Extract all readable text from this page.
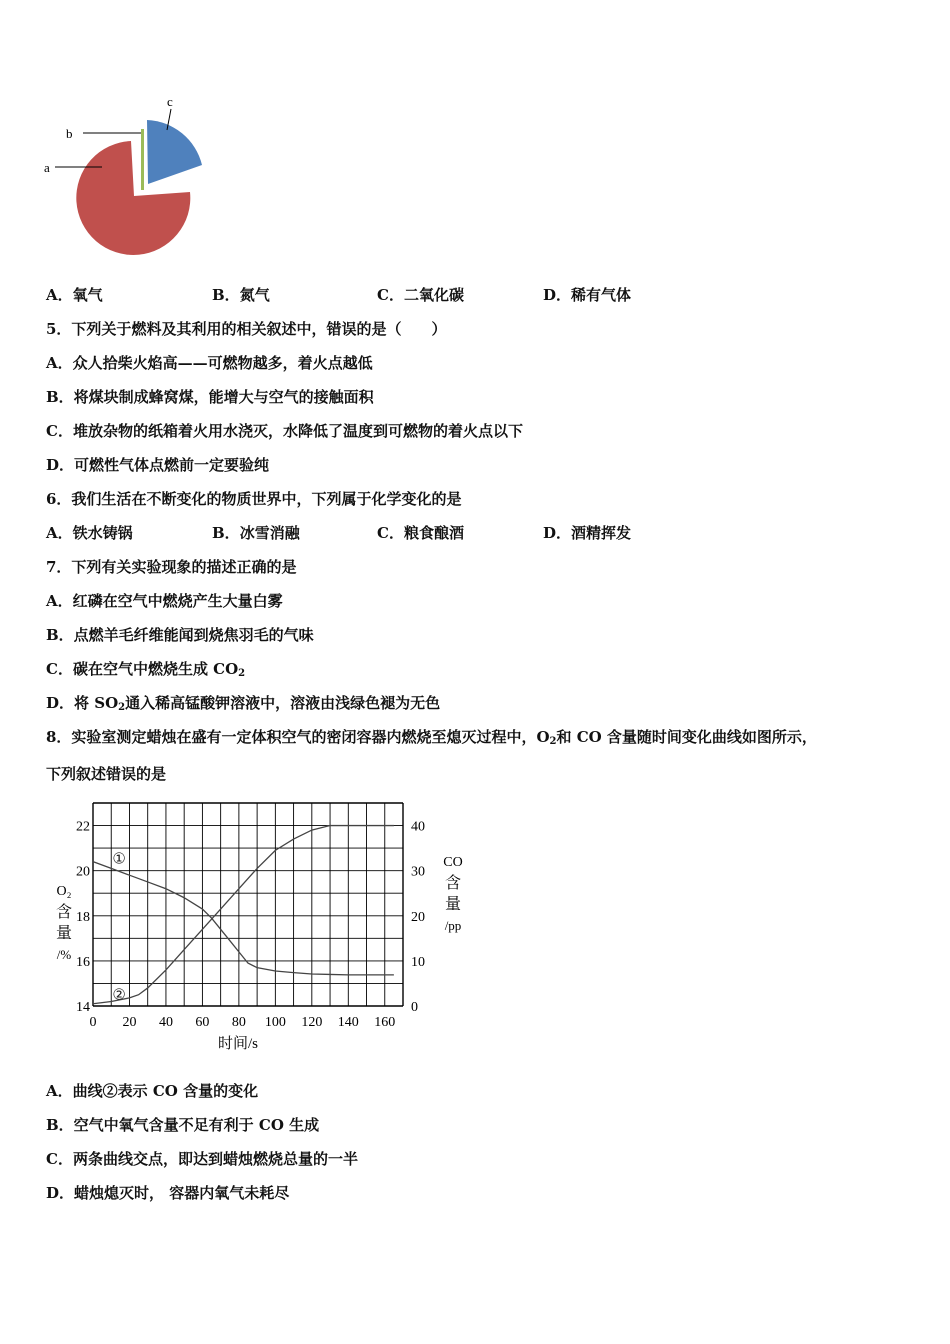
c
b
a
A．氧气	B．氮气	C．二氧化碳	D．稀有气体
5．下列关于燃料及其利用的相关叙述中，错误的是（　　）
A．众人拾柴火焰高——可燃物越多，着火点越低
B．将煤块制成蜂窝煤，能增大与空气的接触面积
C．堆放杂物的纸箱着火用水浇灭，水降低了温度到可燃物的着火点以下
D．可燃性气体点燃前一定要验纯
6．我们生活在不断变化的物质世界中，下列属于化学变化的是
A．铁水铸锅	B．冰雪消融	C．粮食酿酒	D．酒精挥发
7．下列有关实验现象的描述正确的是
A．红磷在空气中燃烧产生大量白雾
B．点燃羊毛纤维能闻到烧焦羽毛的气味
C．碳在空气中燃烧生成 $CO_2$
D．将 $SO_2$通入稀高锰酸钾溶液中，溶液由浅绿色褪为无色
8．实验室测定蜡烛在盛有一定体积空气的密闭容器内燃烧至熄灭过程中，$O_2$和 CO 含量随时间变化曲线如图所示，
下列叙述错误的是
①
②
0 20 40 60 80 100 120 140 160
14
16
18
20
22
0
10
20
30
40
时间/s
O₂
含
量
/%
CO
含
量
/pp
A．曲线②表示 CO 含量的变化
B．空气中氧气含量不足有利于 CO 生成
C．两条曲线交点，即达到蜡烛燃烧总量的一半
D．蜡烛熄灭时， 容器内氧气未耗尽
